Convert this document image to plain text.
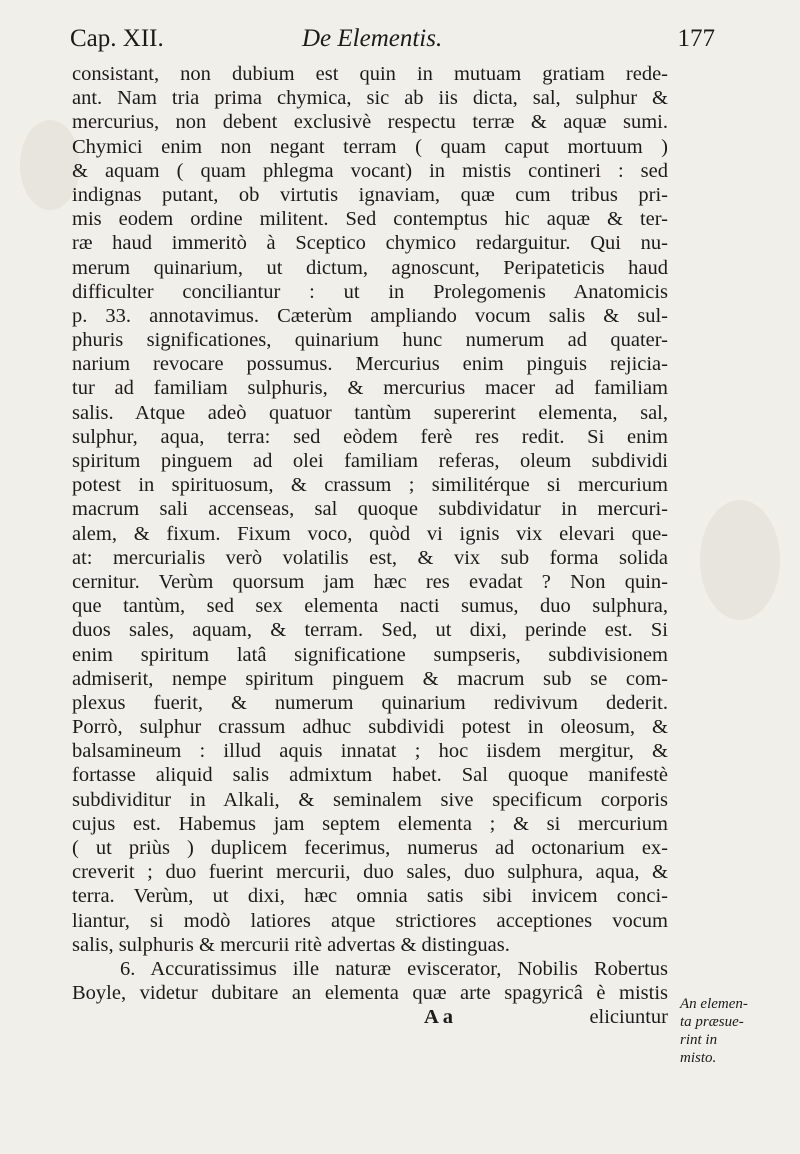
Cap. XII.	De Elementis.	177
consistant, non dubium est quin in mutuam gratiam rede-
ant. Nam tria prima chymica, sic ab iis dicta, sal, sulphur &
mercurius, non debent exclusivè respectu terræ & aquæ sumi.
Chymici enim non negant terram ( quam caput mortuum )
& aquam ( quam phlegma vocant) in mistis contineri : sed
indignas putant, ob virtutis ignaviam, quæ cum tribus pri-
mis eodem ordine militent. Sed contemptus hic aquæ & ter-
ræ haud immeritò à Sceptico chymico redarguitur. Qui nu-
merum quinarium, ut dictum, agnoscunt, Peripateticis haud
difficulter conciliantur : ut in Prolegomenis Anatomicis
p. 33. annotavimus. Cæterùm ampliando vocum salis & sul-
phuris significationes, quinarium hunc numerum ad quater-
narium revocare possumus. Mercurius enim pinguis rejicia-
tur ad familiam sulphuris, & mercurius macer ad familiam
salis. Atque adeò quatuor tantùm supererint elementa, sal,
sulphur, aqua, terra: sed eòdem ferè res redit. Si enim
spiritum pinguem ad olei familiam referas, oleum subdividi
potest in spirituosum, & crassum ; similitérque si mercurium
macrum sali accenseas, sal quoque subdividatur in mercuri-
alem, & fixum. Fixum voco, quòd vi ignis vix elevari que-
at: mercurialis verò volatilis est, & vix sub forma solida
cernitur. Verùm quorsum jam hæc res evadat ? Non quin-
que tantùm, sed sex elementa nacti sumus, duo sulphura,
duos sales, aquam, & terram. Sed, ut dixi, perinde est. Si
enim spiritum latâ significatione sumpseris, subdivisionem
admiserit, nempe spiritum pinguem & macrum sub se com-
plexus fuerit, & numerum quinarium redivivum dederit.
Porrò, sulphur crassum adhuc subdividi potest in oleosum, &
balsamineum : illud aquis innatat ; hoc iisdem mergitur, &
fortasse aliquid salis admixtum habet. Sal quoque manifestè
subdividitur in Alkali, & seminalem sive specificum corporis
cujus est. Habemus jam septem elementa ; & si mercurium
( ut priùs ) duplicem fecerimus, numerus ad octonarium ex-
creverit ; duo fuerint mercurii, duo sales, duo sulphura, aqua, &
terra. Verùm, ut dixi, hæc omnia satis sibi invicem conci-
liantur, si modò latiores atque strictiores acceptiones vocum
salis, sulphuris & mercurii ritè advertas & distinguas.
6. Accuratissimus ille naturæ eviscerator, Nobilis Robertus
Boyle, videtur dubitare an elementa quæ arte spagyricâ è mistis
A a	eliciuntur
An elemen-
ta præsue-
rint in
misto.
